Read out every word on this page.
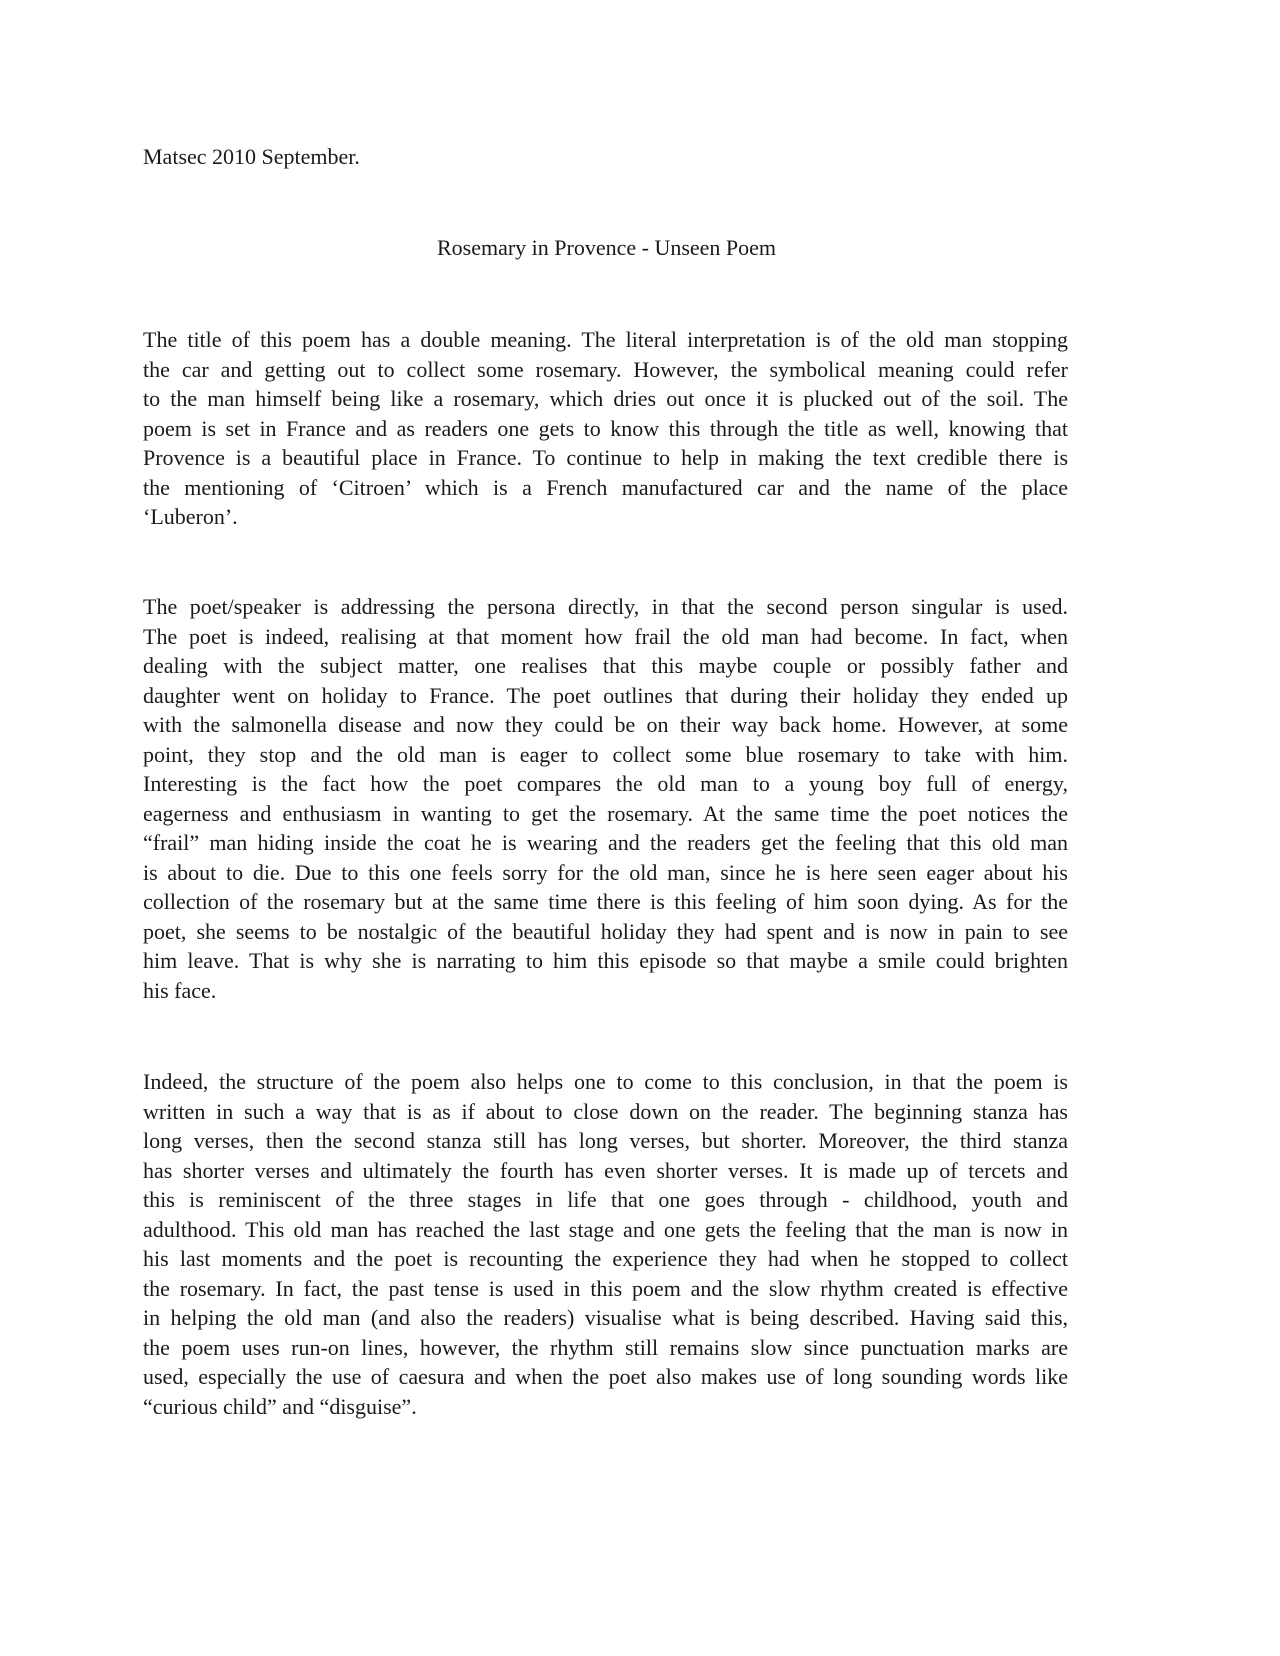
Matsec 2010 September.
Rosemary in Provence - Unseen Poem
The title of this poem has a double meaning. The literal interpretation is of the old man stopping
the car and getting out to collect some rosemary. However, the symbolical meaning could refer
to the man himself being like a rosemary, which dries out once it is plucked out of the soil. The
poem is set in France and as readers one gets to know this through the title as well, knowing that
Provence is a beautiful place in France. To continue to help in making the text credible there is
the mentioning of ‘Citroen’ which is a French manufactured car and the name of the place
‘Luberon’.
The poet/speaker is addressing the persona directly, in that the second person singular is used.
The poet is indeed, realising at that moment how frail the old man had become. In fact, when
dealing with the subject matter, one realises that this maybe couple or possibly father and
daughter went on holiday to France. The poet outlines that during their holiday they ended up
with the salmonella disease and now they could be on their way back home. However, at some
point, they stop and the old man is eager to collect some blue rosemary to take with him.
Interesting is the fact how the poet compares the old man to a young boy full of energy,
eagerness and enthusiasm in wanting to get the rosemary. At the same time the poet notices the
“frail” man hiding inside the coat he is wearing and the readers get the feeling that this old man
is about to die. Due to this one feels sorry for the old man, since he is here seen eager about his
collection of the rosemary but at the same time there is this feeling of him soon dying. As for the
poet, she seems to be nostalgic of the beautiful holiday they had spent and is now in pain to see
him leave. That is why she is narrating to him this episode so that maybe a smile could brighten
his face.
Indeed, the structure of the poem also helps one to come to this conclusion, in that the poem is
written in such a way that is as if about to close down on the reader. The beginning stanza has
long verses, then the second stanza still has long verses, but shorter. Moreover, the third stanza
has shorter verses and ultimately the fourth has even shorter verses. It is made up of tercets and
this is reminiscent of the three stages in life that one goes through - childhood, youth and
adulthood. This old man has reached the last stage and one gets the feeling that the man is now in
his last moments and the poet is recounting the experience they had when he stopped to collect
the rosemary. In fact, the past tense is used in this poem and the slow rhythm created is effective
in helping the old man (and also the readers) visualise what is being described. Having said this,
the poem uses run-on lines, however, the rhythm still remains slow since punctuation marks are
used, especially the use of caesura and when the poet also makes use of long sounding words like
“curious child” and “disguise”.
